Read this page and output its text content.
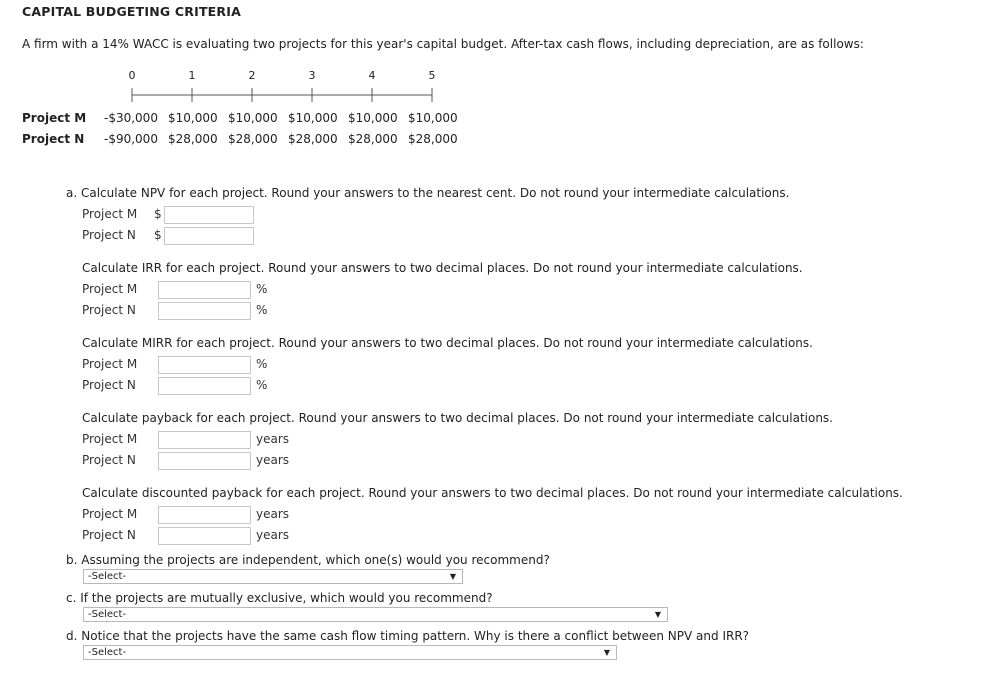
CAPITAL BUDGETING CRITERIA
A firm with a 14% WACC is evaluating two projects for this year's capital budget. After-tax cash flows, including depreciation, are as follows:
0	1	2	3	4	5
Project M -$30,000 $10,000 $10,000 $10,000 $10,000 $10,000
Project N -$90,000 $28,000 $28,000 $28,000 $28,000 $28,000
a. Calculate NPV for each project. Round your answers to the nearest cent. Do not round your intermediate calculations.
Project M $
Project N $
Calculate IRR for each project. Round your answers to two decimal places. Do not round your intermediate calculations.
Project M	%
Project N	%
Calculate MIRR for each project. Round your answers to two decimal places. Do not round your intermediate calculations.
Project M	%
Project N	%
Calculate payback for each project. Round your answers to two decimal places. Do not round your intermediate calculations.
Project M	years
Project N	years
Calculate discounted payback for each project. Round your answers to two decimal places. Do not round your intermediate calculations.
Project M	years
Project N	years
b. Assuming the projects are independent, which one(s) would you recommend?
-Select-	▼
c. If the projects are mutually exclusive, which would you recommend?
-Select-	▼
d. Notice that the projects have the same cash flow timing pattern. Why is there a conflict between NPV and IRR?
-Select-	▼
